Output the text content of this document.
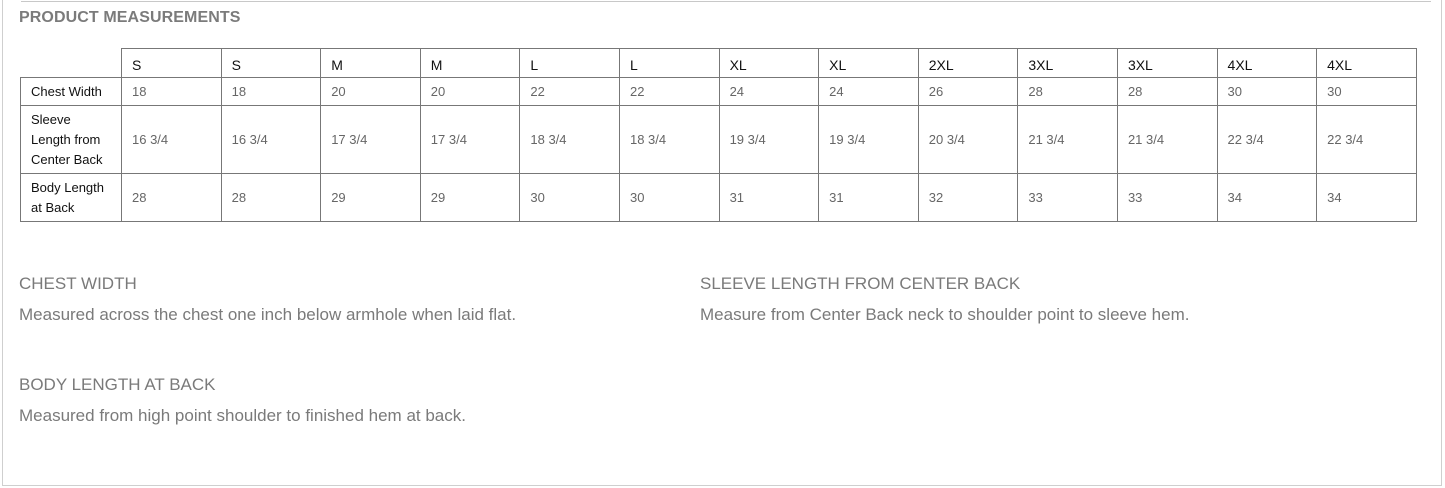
PRODUCT MEASUREMENTS
	S	S	M	M	L	L	XL	XL	2XL	3XL	3XL	4XL	4XL
Chest Width	18	18	20	20	22	22	24	24	26	28	28	30	30
Sleeve
Length from
Center Back	16 3/4	16 3/4	17 3/4	17 3/4	18 3/4	18 3/4	19 3/4	19 3/4	20 3/4	21 3/4	21 3/4	22 3/4	22 3/4
Body Length
at Back	28	28	29	29	30	30	31	31	32	33	33	34	34
CHEST WIDTH
Measured across the chest one inch below armhole when laid flat.
SLEEVE LENGTH FROM CENTER BACK
Measure from Center Back neck to shoulder point to sleeve hem.
BODY LENGTH AT BACK
Measured from high point shoulder to finished hem at back.
